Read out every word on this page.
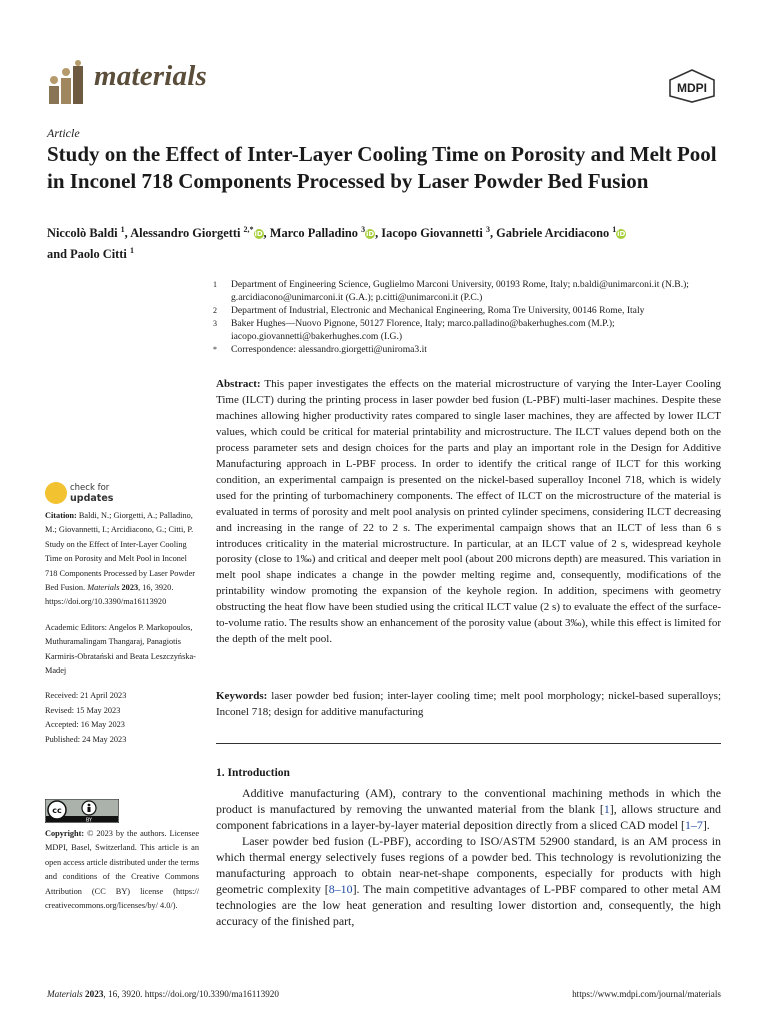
materials	MDPI
Article
Study on the Effect of Inter-Layer Cooling Time on Porosity and Melt Pool in Inconel 718 Components Processed by Laser Powder Bed Fusion
Niccolò Baldi $^1$, Alessandro Giorgetti $^{2,*}$iD, Marco Palladino $^3$iD, Iacopo Giovannetti $^3$, Gabriele Arcidiacono $^1$iD
and Paolo Citti $^1$
1	Department of Engineering Science, Guglielmo Marconi University, 00193 Rome, Italy; n.baldi@unimarconi.it (N.B.); g.arcidiacono@unimarconi.it (G.A.); p.citti@unimarconi.it (P.C.)
2	Department of Industrial, Electronic and Mechanical Engineering, Roma Tre University, 00146 Rome, Italy
3	Baker Hughes—Nuovo Pignone, 50127 Florence, Italy; marco.palladino@bakerhughes.com (M.P.); iacopo.giovannetti@bakerhughes.com (I.G.)
*	Correspondence: alessandro.giorgetti@uniroma3.it
Abstract: This paper investigates the effects on the material microstructure of varying the Inter-Layer Cooling Time (ILCT) during the printing process in laser powder bed fusion (L-PBF) multi-laser machines. Despite these machines allowing higher productivity rates compared to single laser machines, they are affected by lower ILCT values, which could be critical for material printability and microstructure. The ILCT values depend both on the process parameter sets and design choices for the parts and play an important role in the Design for Additive Manufacturing approach in L-PBF process. In order to identify the critical range of ILCT for this working condition, an experimental campaign is presented on the nickel-based superalloy Inconel 718, which is widely used for the printing of turbomachinery components. The effect of ILCT on the microstructure of the material is evaluated in terms of porosity and melt pool analysis on printed cylinder specimens, considering ILCT decreasing and increasing in the range of 22 to 2 s. The experimental campaign shows that an ILCT of less than 6 s introduces criticality in the material microstructure. In particular, at an ILCT value of 2 s, widespread keyhole porosity (close to 1‰) and critical and deeper melt pool (about 200 microns depth) are measured. This variation in melt pool shape indicates a change in the powder melting regime and, consequently, modifications of the printability window promoting the expansion of the keyhole region. In addition, specimens with geometry obstructing the heat flow have been studied using the critical ILCT value (2 s) to evaluate the effect of the surface-to-volume ratio. The results show an enhancement of the porosity value (about 3‰), while this effect is limited for the depth of the melt pool.
Keywords: laser powder bed fusion; inter-layer cooling time; melt pool morphology; nickel-based superalloys; Inconel 718; design for additive manufacturing
1. Introduction

Additive manufacturing (AM), contrary to the conventional machining methods in which the product is manufactured by removing the unwanted material from the blank [1], allows structure and component fabrications in a layer-by-layer material deposition directly from a sliced CAD model [1–7].

Laser powder bed fusion (L-PBF), according to ISO/ASTM 52900 standard, is an AM process in which thermal energy selectively fuses regions of a powder bed. This technology is revolutionizing the manufacturing approach to obtain near-net-shape components, especially for products with high geometric complexity [8–10]. The main competitive advantages of L-PBF compared to other metal AM technologies are the low heat generation and resulting lower distortion and, consequently, the high accuracy of the finished part,

check for
updates
Citation: Baldi, N.; Giorgetti, A.; Palladino, M.; Giovannetti, I.; Arcidiacono, G.; Citti, P. Study on the Effect of Inter-Layer Cooling Time on Porosity and Melt Pool in Inconel 718 Components Processed by Laser Powder Bed Fusion. Materials 2023, 16, 3920. https://doi.org/10.3390/ma16113920
Academic Editors: Angelos P. Markopoulos, Muthuramalingam Thangaraj, Panagiotis Karmiris-Obratański and Beata Leszczyńska-Madej
Received: 21 April 2023
Revised: 15 May 2023
Accepted: 16 May 2023
Published: 24 May 2023
cc
BY
Copyright: © 2023 by the authors. Licensee MDPI, Basel, Switzerland. This article is an open access article distributed under the terms and conditions of the Creative Commons Attribution (CC BY) license (https:// creativecommons.org/licenses/by/ 4.0/).
Materials 2023, 16, 3920. https://doi.org/10.3390/ma16113920	https://www.mdpi.com/journal/materials
